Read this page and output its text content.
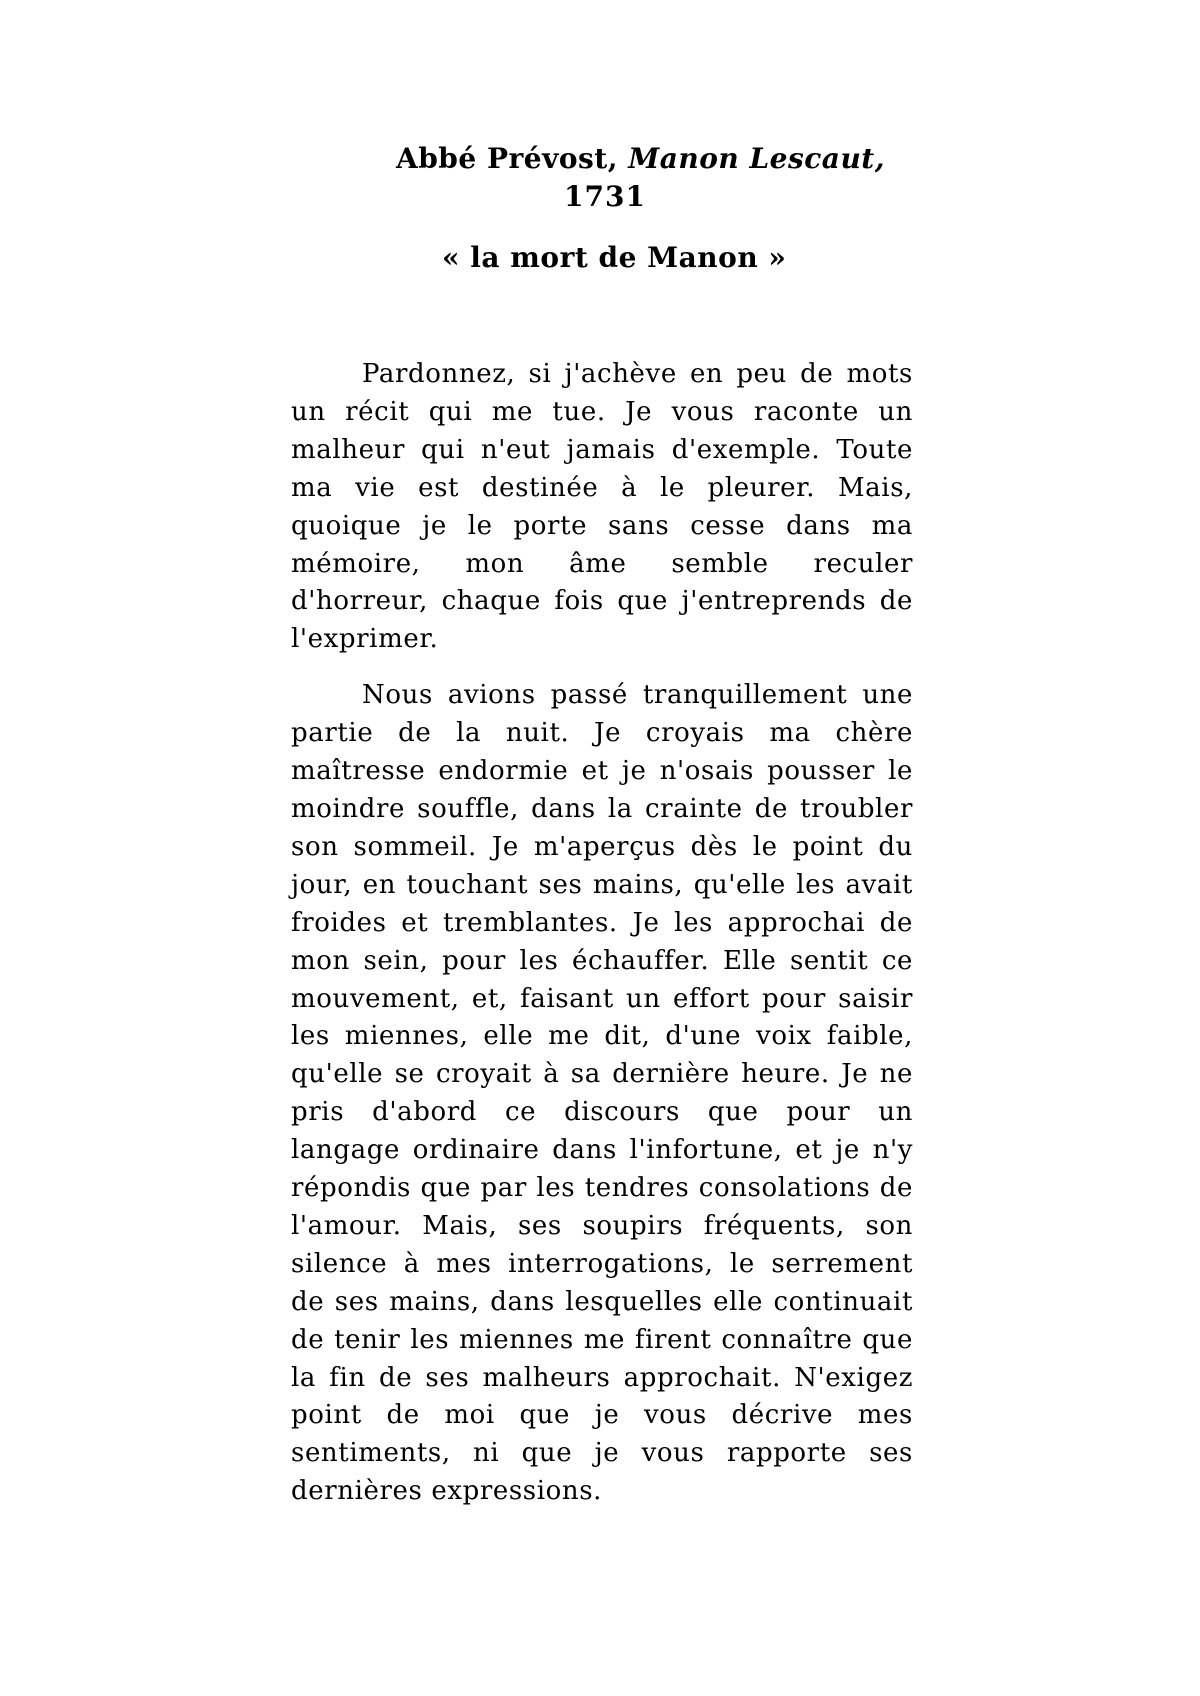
Abbé Prévost, Manon Lescaut,
1731
« la mort de Manon »

Pardonnez, si j'achève en peu de mots un récit qui me tue. Je vous raconte un malheur qui n'eut jamais d'exemple. Toute ma vie est destinée à le pleurer. Mais, quoique je le porte sans cesse dans ma mémoire, mon âme semble reculer d'horreur, chaque fois que j'entreprends de l'exprimer.

Nous avions passé tranquillement une partie de la nuit. Je croyais ma chère maîtresse endormie et je n'osais pousser le moindre souffle, dans la crainte de troubler son sommeil. Je m'aperçus dès le point du jour, en touchant ses mains, qu'elle les avait froides et tremblantes. Je les approchai de mon sein, pour les échauffer. Elle sentit ce mouvement, et, faisant un effort pour saisir les miennes, elle me dit, d'une voix faible, qu'elle se croyait à sa dernière heure. Je ne pris d'abord ce discours que pour un langage ordinaire dans l'infortune, et je n'y répondis que par les tendres consolations de l'amour. Mais, ses soupirs fréquents, son silence à mes interrogations, le serrement de ses mains, dans lesquelles elle continuait de tenir les miennes me firent connaître que la fin de ses malheurs approchait. N'exigez point de moi que je vous décrive mes sentiments, ni que je vous rapporte ses dernières expressions.
